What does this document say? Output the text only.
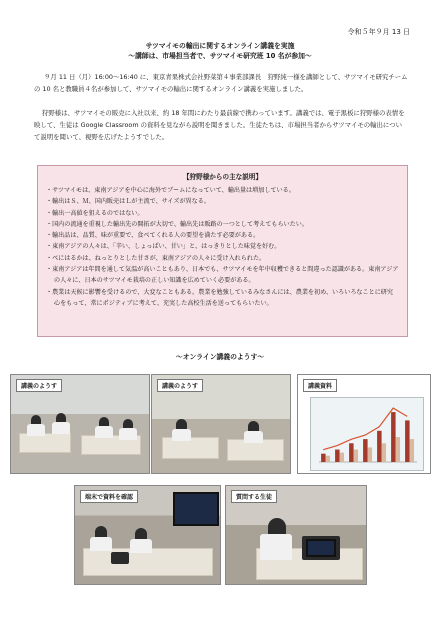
令和５年９月 13 日
サツマイモの輸出に関するオンライン講義を実施
～講師は、市場担当者で、サツマイモ研究班 10 名が参加～
９月 11 日（月）16:00～16:40 に、東京青果株式会社野菜第４事業部課長　狩野純一様を講師として、サツマイモ研究チームの 10 名と教職員４名が参加して、サツマイモの輸出に関するオンライン講義を実施しました。
狩野様は、サツマイモの販売に入社以来、約 18 年間にわたり最前線で携わっています。講義では、電子黒板に狩野様の表情を映して、生徒は Google Classroom の資料を見ながら説明を聞きました。生徒たちは、市場担当者からサツマイモの輸出について説明を聞いて、視野を広げたようすでした。
【狩野様からの主な説明】
・ サツマイモは、東南アジアを中心に海外でブームになっていて、輸出量は増加している。
・ 輸出はＳ、Ｍ、国内販売はＬが主流で、サイズが異なる。
・ 輸出一高値を狙えるのではない。
・ 国内の流通を重視した輸出先の開拓が大切で、輸出先は販路の一つとして考えてもらいたい。
・ 輸出品は、品質、味が重要で、食べてくれる人の要望を満たす必要がある。
・ 東南アジアの人々は、「辛い、しょっぱい、甘い」と、はっきりとした味覚を好む。
・ べにはるかは、ねっとりとした甘さが、東南アジアの人々に受け入れられた。
・ 東南アジアは年間を通して気温が高いこともあり、日本でも、サツマイモを年中収穫できると間違った認識がある。東南アジアの人々に、日本のサツマイモ栽培の正しい知識を広めていく必要がある。
・ 農業は天候に影響を受けるので、大変なこともある。農業を勉強しているみなさんには、農業を初め、いろいろなことに研究心をもって、常にポジティブに考えて、充実した高校生活を送ってもらいたい。
～オンライン講義のようす～
講義のようす	講義のようす	講義資料
端末で資料を確認	質問する生徒
